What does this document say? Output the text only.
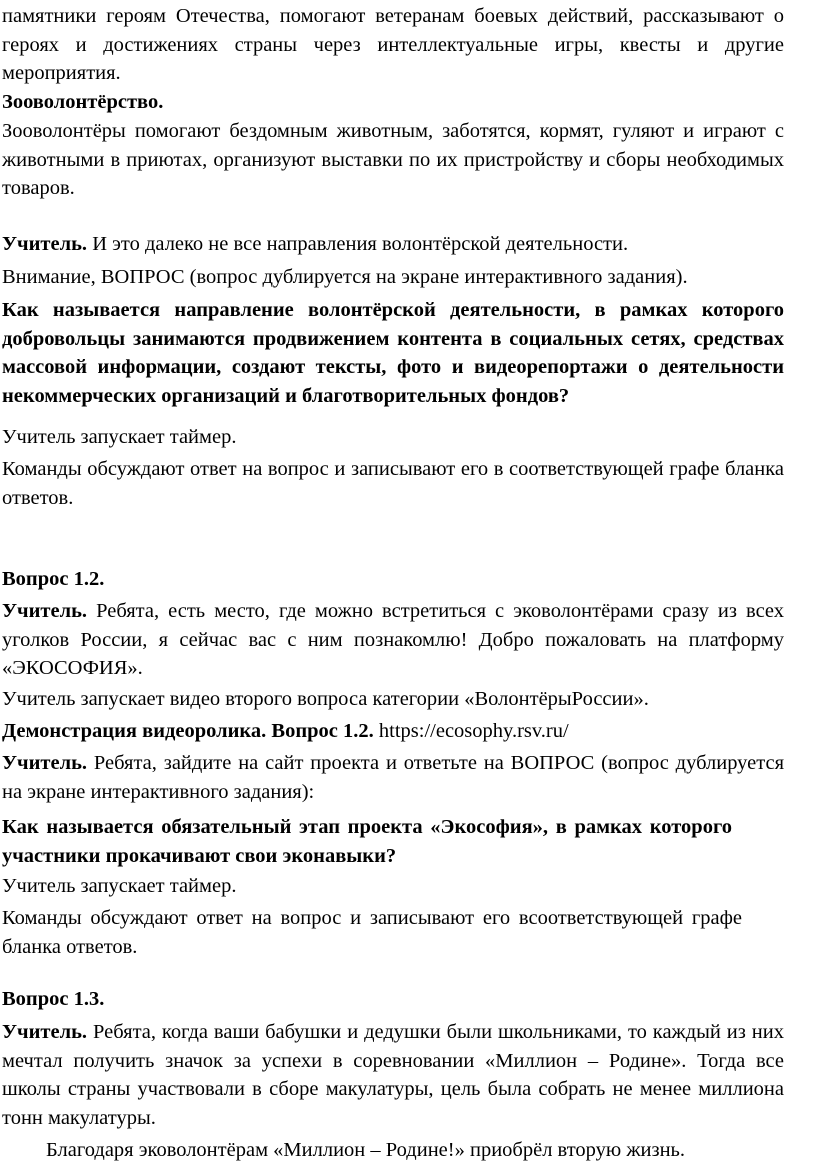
памятники героям Отечества, помогают ветеранам боевых действий, рассказывают о героях и достижениях страны через интеллектуальные игры, квесты и другие мероприятия.

Зооволонтёрство.

Зооволонтёры помогают бездомным животным, заботятся, кормят, гуляют и играют с животными в приютах, организуют выставки по их пристройству и сборы необходимых товаров.

Учитель. И это далеко не все направления волонтёрской деятельности.

Внимание, ВОПРОС (вопрос дублируется на экране интерактивного задания).

Как называется направление волонтёрской деятельности, в рамках которого добровольцы занимаются продвижением контента в социальных сетях, средствах массовой информации, создают тексты, фото и видеорепортажи о деятельности некоммерческих организаций и благотворительных фондов?

Учитель запускает таймер.

Команды обсуждают ответ на вопрос и записывают его в соответствующей графе бланка ответов.

Вопрос 1.2.

Учитель. Ребята, есть место, где можно встретиться с эковолонтёрами сразу из всех уголков России, я сейчас вас с ним познакомлю! Добро пожаловать на платформу «ЭКОСОФИЯ».

Учитель запускает видео второго вопроса категории «ВолонтёрыРоссии».

Демонстрация видеоролика. Вопрос 1.2. https://ecosophy.rsv.ru/

Учитель. Ребята, зайдите на сайт проекта и ответьте на ВОПРОС (вопрос дублируется на экране интерактивного задания):

Как называется обязательный этап проекта «Экософия», в рамках которого участники прокачивают свои эконавыки?

Учитель запускает таймер.

Команды обсуждают ответ на вопрос и записывают его всоответствующей графе бланка ответов.

Вопрос 1.3.

Учитель. Ребята, когда ваши бабушки и дедушки были школьниками, то каждый из них мечтал получить значок за успехи в соревновании «Миллион – Родине». Тогда все школы страны участвовали в сборе макулатуры, цель была собрать не менее миллиона тонн макулатуры.

Благодаря эковолонтёрам «Миллион – Родине!» приобрёл вторую жизнь.
